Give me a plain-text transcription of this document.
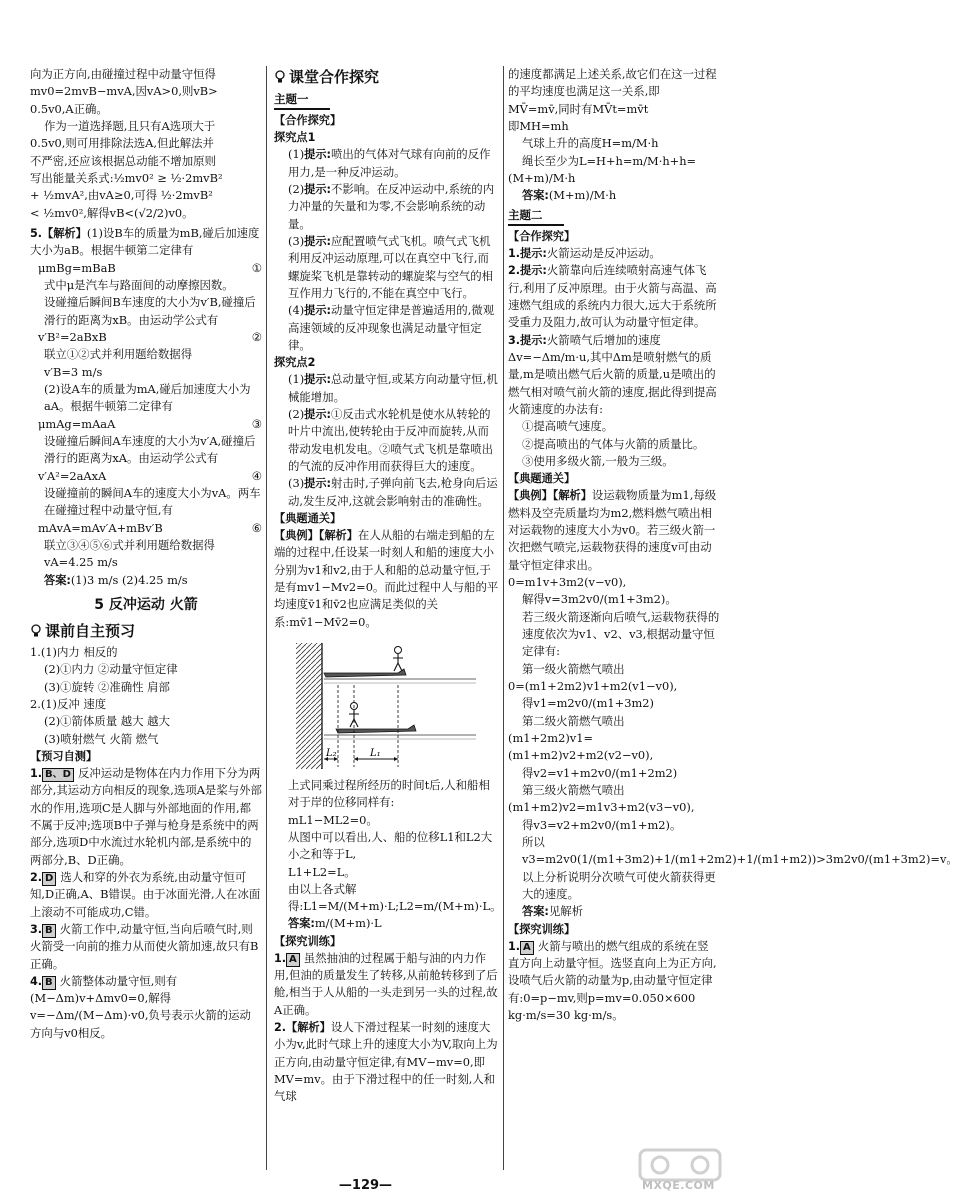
向为正方向,由碰撞过程中动量守恒得

mv0=2mvB−mvA,因vA>0,则vB>

0.5v0,A正确。

作为一道选择题,且只有A选项大于

0.5v0,则可用排除法选A,但此解法并

不严密,还应该根据总动能不增加原则

写出能量关系式:½mv0² ≥ ½·2mvB²

+ ½mvA²,由vA≥0,可得 ½·2mvB²

< ½mv0²,解得vB<(√2/2)v0。

5.【解析】(1)设B车的质量为mB,碰后加速度大小为aB。根据牛顿第二定律有

μmBg=mBaB	①

式中μ是汽车与路面间的动摩擦因数。

设碰撞后瞬间B车速度的大小为v′B,碰撞后滑行的距离为xB。由运动学公式有

v′B²=2aBxB	②

联立①②式并利用题给数据得

v′B=3 m/s

(2)设A车的质量为mA,碰后加速度大小为aA。根据牛顿第二定律有

μmAg=mAaA	③

设碰撞后瞬间A车速度的大小为v′A,碰撞后滑行的距离为xA。由运动学公式有

v′A²=2aAxA	④

设碰撞前的瞬间A车的速度大小为vA。两车在碰撞过程中动量守恒,有

mAvA=mAv′A+mBv′B	⑥

联立③④⑤⑥式并利用题给数据得

vA=4.25 m/s

答案:(1)3 m/s (2)4.25 m/s

5 反冲运动 火箭
课前自主预习

1.(1)内力 相反的

(2)①内力 ②动量守恒定律

(3)①旋转 ②准确性 肩部

2.(1)反冲 速度

(2)①箭体质量 越大 越大

(3)喷射燃气 火箭 燃气

【预习自测】

1. B、D 反冲运动是物体在内力作用下分为两部分,其运动方向相反的现象,选项A是桨与外部水的作用,选项C是人脚与外部地面的作用,都不属于反冲;选项B中子弹与枪身是系统中的两部分,选项D中水流过水轮机内部,是系统中的两部分,B、D正确。

2. D 选人和穿的外衣为系统,由动量守恒可知,D正确,A、B错误。由于冰面光滑,人在冰面上滚动不可能成功,C错。

3. B 火箭工作中,动量守恒,当向后喷气时,则火箭受一向前的推力从而使火箭加速,故只有B正确。

4. B 火箭整体动量守恒,则有(M−Δm)v+Δmv0=0,解得v=−Δm/(M−Δm)·v0,负号表示火箭的运动方向与v0相反。

课堂合作探究
主题一

【合作探究】

探究点1

(1)提示:喷出的气体对气球有向前的反作用力,是一种反冲运动。

(2)提示:不影响。在反冲运动中,系统的内力冲量的矢量和为零,不会影响系统的动量。

(3)提示:应配置喷气式飞机。喷气式飞机利用反冲运动原理,可以在真空中飞行,而螺旋桨飞机是靠转动的螺旋桨与空气的相互作用力飞行的,不能在真空中飞行。

(4)提示:动量守恒定律是普遍适用的,微观高速领域的反冲现象也满足动量守恒定律。

探究点2

(1)提示:总动量守恒,或某方向动量守恒,机械能增加。

(2)提示:①反击式水轮机是使水从转轮的叶片中流出,使转轮由于反冲而旋转,从而带动发电机发电。②喷气式飞机是靠喷出的气流的反冲作用而获得巨大的速度。

(3)提示:射击时,子弹向前飞去,枪身向后运动,发生反冲,这就会影响射击的准确性。

【典题通关】

【典例】【解析】在人从船的右端走到船的左端的过程中,任设某一时刻人和船的速度大小分别为v1和v2,由于人和船的总动量守恒,于是有mv1−Mv2=0。而此过程中人与船的平均速度v̄1和v̄2也应满足类似的关系:mv̄1−Mv̄2=0。

L₂	L₁

上式同乘过程所经历的时间t后,人和船相对于岸的位移同样有:

mL1−ML2=0。

从图中可以看出,人、船的位移L1和L2大小之和等于L,

L1+L2=L。

由以上各式解得:L1=M/(M+m)·L;L2=m/(M+m)·L。

答案:m/(M+m)·L

【探究训练】

1. A 虽然抽油的过程属于船与油的内力作用,但油的质量发生了转移,从前舱转移到了后舱,相当于人从船的一头走到另一头的过程,故A正确。

2.【解析】设人下滑过程某一时刻的速度大小为v,此时气球上升的速度大小为V,取向上为正方向,由动量守恒定律,有MV−mv=0,即MV=mv。由于下滑过程中的任一时刻,人和气球

的速度都满足上述关系,故它们在这一过程的平均速度也满足这一关系,即

MV̄=mv̄,同时有MV̄t=mv̄t

即MH=mh

气球上升的高度H=m/M·h

绳长至少为L=H+h=m/M·h+h=

(M+m)/M·h

答案:(M+m)/M·h

主题二

【合作探究】

1.提示:火箭运动是反冲运动。

2.提示:火箭靠向后连续喷射高速气体飞行,利用了反冲原理。由于火箭与高温、高速燃气组成的系统内力很大,远大于系统所受重力及阻力,故可认为动量守恒定律。

3.提示:火箭喷气后增加的速度Δv=−Δm/m·u,其中Δm是喷射燃气的质量,m是喷出燃气后火箭的质量,u是喷出的燃气相对喷气前火箭的速度,据此得到提高火箭速度的办法有:

①提高喷气速度。

②提高喷出的气体与火箭的质量比。

③使用多级火箭,一般为三级。

【典题通关】

【典例】【解析】设运载物质量为m1,每级燃料及空壳质量均为m2,燃料燃气喷出相对运载物的速度大小为v0。若三级火箭一次把燃气喷完,运载物获得的速度v可由动量守恒定律求出。

0=m1v+3m2(v−v0),

解得v=3m2v0/(m1+3m2)。

若三级火箭逐渐向后喷气,运载物获得的速度依次为v1、v2、v3,根据动量守恒定律有:

第一级火箭燃气喷出

0=(m1+2m2)v1+m2(v1−v0),

得v1=m2v0/(m1+3m2)

第二级火箭燃气喷出

(m1+2m2)v1=(m1+m2)v2+m2(v2−v0),

得v2=v1+m2v0/(m1+2m2)

第三级火箭燃气喷出

(m1+m2)v2=m1v3+m2(v3−v0),

得v3=v2+m2v0/(m1+m2)。

所以v3=m2v0(1/(m1+3m2)+1/(m1+2m2)+1/(m1+m2))>3m2v0/(m1+3m2)=v。

以上分析说明分次喷气可使火箭获得更大的速度。

答案:见解析

【探究训练】

1. A 火箭与喷出的燃气组成的系统在竖直方向上动量守恒。选竖直向上为正方向,设喷气后火箭的动量为p,由动量守恒定律有:0=p−mv,则p=mv=0.050×600 kg·m/s=30 kg·m/s。

—129—	MXQE.COM
